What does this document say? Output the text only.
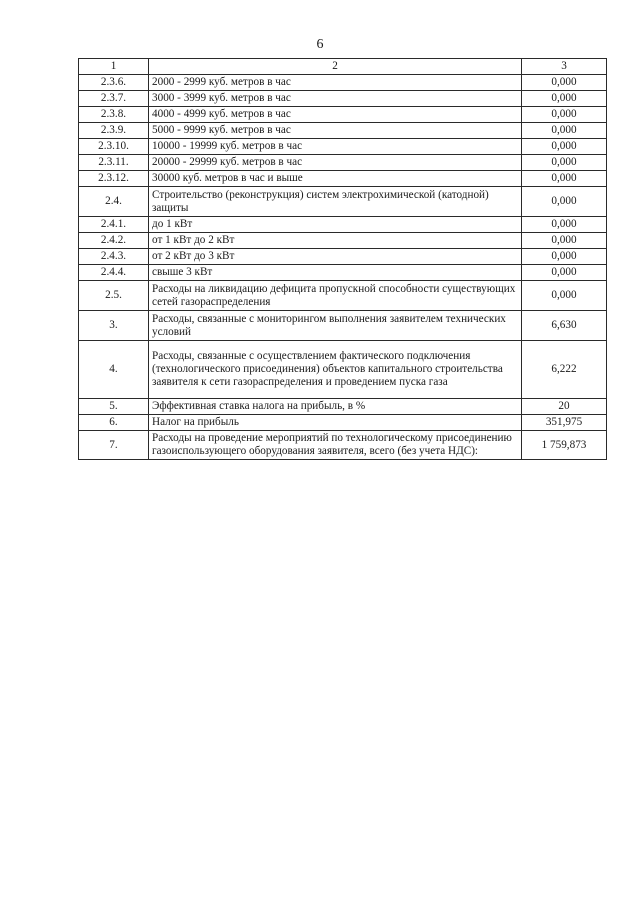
6
1	2	3
2.3.6.	2000 - 2999 куб. метров в час	0,000
2.3.7.	3000 - 3999 куб. метров в час	0,000
2.3.8.	4000 - 4999 куб. метров в час	0,000
2.3.9.	5000 - 9999 куб. метров в час	0,000
2.3.10.	10000 - 19999 куб. метров в час	0,000
2.3.11.	20000 - 29999 куб. метров в час	0,000
2.3.12.	30000 куб. метров в час и выше	0,000
2.4.	Строительство (реконструкция) систем электрохимической (катодной) защиты	0,000
2.4.1.	до 1 кВт	0,000
2.4.2.	от 1 кВт до 2 кВт	0,000
2.4.3.	от 2 кВт до 3 кВт	0,000
2.4.4.	свыше 3 кВт	0,000
2.5.	Расходы на ликвидацию дефицита пропускной способности существующих сетей газораспределения	0,000
3.	Расходы, связанные с мониторингом выполнения заявителем технических условий	6,630
4.	Расходы, связанные с осуществлением фактического подключения (технологического присоединения) объектов капитального строительства заявителя к сети газораспределения и проведением пуска газа	6,222
5.	Эффективная ставка налога на прибыль, в %	20
6.	Налог на прибыль	351,975
7.	Расходы на проведение мероприятий по технологическому присоединению газоиспользующего оборудования заявителя, всего (без учета НДС):	1 759,873
